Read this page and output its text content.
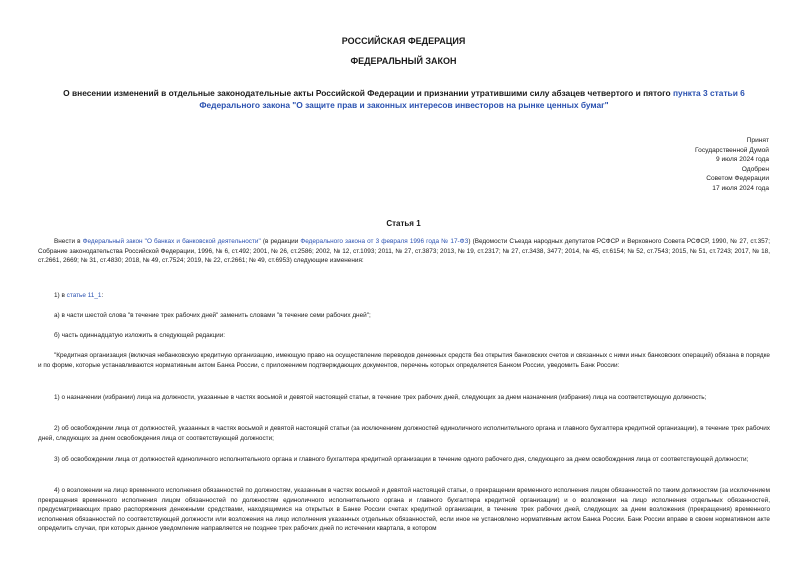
РОССИЙСКАЯ ФЕДЕРАЦИЯ
ФЕДЕРАЛЬНЫЙ ЗАКОН
О внесении изменений в отдельные законодательные акты Российской Федерации и признании утратившими силу абзацев четвертого и пятого пункта 3 статьи 6 Федерального закона "О защите прав и законных интересов инвесторов на рынке ценных бумаг"
Принят
Государственной Думой
9 июля 2024 года
Одобрен
Советом Федерации
17 июля 2024 года
Статья 1
Внести в Федеральный закон "О банках и банковской деятельности" (в редакции Федерального закона от 3 февраля 1996 года № 17-ФЗ) (Ведомости Съезда народных депутатов РСФСР и Верховного Совета РСФСР, 1990, № 27, ст.357; Собрание законодательства Российской Федерации, 1996, № 6, ст.492; 2001, № 26, ст.2586; 2002, № 12, ст.1093; 2011, № 27, ст.3873; 2013, № 19, ст.2317; № 27, ст.3438, 3477; 2014, № 45, ст.6154; № 52, ст.7543; 2015, № 51, ст.7243; 2017, № 18, ст.2661, 2669; № 31, ст.4830; 2018, № 49, ст.7524; 2019, № 22, ст.2661; № 49, ст.6953) следующие изменения:
1) в статье 11_1:
а) в части шестой слова "в течение трех рабочих дней" заменить словами "в течение семи рабочих дней";
б) часть одиннадцатую изложить в следующей редакции:
"Кредитная организация (включая небанковскую кредитную организацию, имеющую право на осуществление переводов денежных средств без открытия банковских счетов и связанных с ними иных банковских операций) обязана в порядке и по форме, которые устанавливаются нормативным актом Банка России, с приложением подтверждающих документов, перечень которых определяется Банком России, уведомить Банк России:
1) о назначении (избрании) лица на должности, указанные в частях восьмой и девятой настоящей статьи, в течение трех рабочих дней, следующих за днем назначения (избрания) лица на соответствующую должность;
2) об освобождении лица от должностей, указанных в частях восьмой и девятой настоящей статьи (за исключением должностей единоличного исполнительного органа и главного бухгалтера кредитной организации), в течение трех рабочих дней, следующих за днем освобождения лица от соответствующей должности;
3) об освобождении лица от должностей единоличного исполнительного органа и главного бухгалтера кредитной организации в течение одного рабочего дня, следующего за днем освобождения лица от соответствующей должности;
4) о возложении на лицо временного исполнения обязанностей по должностям, указанным в частях восьмой и девятой настоящей статьи, о прекращении временного исполнения лицом обязанностей по таким должностям (за исключением прекращения временного исполнения лицом обязанностей по должностям единоличного исполнительного органа и главного бухгалтера кредитной организации) и о возложении на лицо исполнения отдельных обязанностей, предусматривающих право распоряжения денежными средствами, находящимися на открытых в Банке России счетах кредитной организации, в течение трех рабочих дней, следующих за днем возложения (прекращения) временного исполнения обязанностей по соответствующей должности или возложения на лицо исполнения указанных отдельных обязанностей, если иное не установлено нормативным актом Банка России. Банк России вправе в своем нормативном акте определить случаи, при которых данное уведомление направляется не позднее трех рабочих дней по истечении квартала, в котором
